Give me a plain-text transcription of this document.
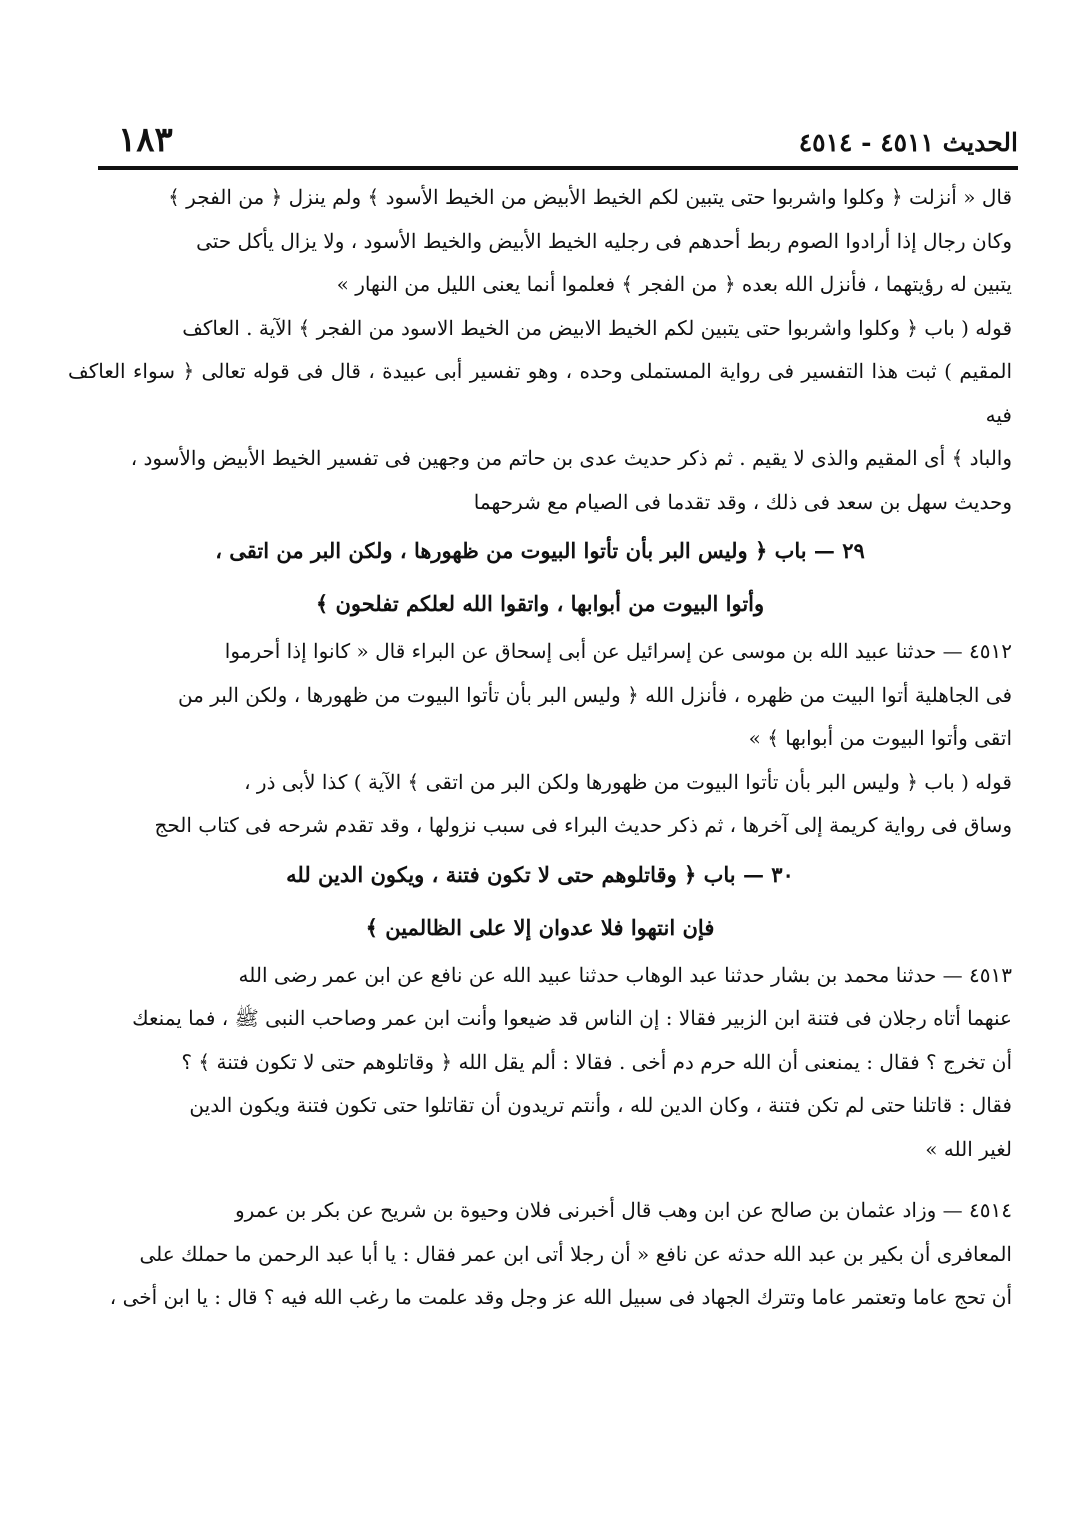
الحديث ٤٥١١ - ٤٥١٤
١٨٣

قال « أنزلت ﴿ وكلوا واشربوا حتى يتبين لكم الخيط الأبيض من الخيط الأسود ﴾ ولم ينزل ﴿ من الفجر ﴾

وكان رجال إذا أرادوا الصوم ربط أحدهم فى رجليه الخيط الأبيض والخيط الأسود ، ولا يزال يأكل حتى

يتبين له رؤيتهما ، فأنزل الله بعده ﴿ من الفجر ﴾ فعلموا أنما يعنى الليل من النهار »

قوله ( باب ﴿ وكلوا واشربوا حتى يتبين لكم الخيط الابيض من الخيط الاسود من الفجر ﴾ الآية . العاكف

المقيم ) ثبت هذا التفسير فى رواية المستملى وحده ، وهو تفسير أبى عبيدة ، قال فى قوله تعالى ﴿ سواء العاكف فيه

والباد ﴾ أى المقيم والذى لا يقيم . ثم ذكر حديث عدى بن حاتم من وجهين فى تفسير الخيط الأبيض والأسود ،

وحديث سهل بن سعد فى ذلك ، وقد تقدما فى الصيام مع شرحهما

٢٩ — باب ﴿ وليس البر بأن تأتوا البيوت من ظهورها ، ولكن البر من اتقى ،

وأتوا البيوت من أبوابها ، واتقوا الله لعلكم تفلحون ﴾

٤٥١٢ — حدثنا عبيد الله بن موسى عن إسرائيل عن أبى إسحاق عن البراء قال « كانوا إذا أحرموا

فى الجاهلية أتوا البيت من ظهره ، فأنزل الله ﴿ وليس البر بأن تأتوا البيوت من ظهورها ، ولكن البر من

اتقى وأتوا البيوت من أبوابها ﴾ »

قوله ( باب ﴿ وليس البر بأن تأتوا البيوت من ظهورها ولكن البر من اتقى ﴾ الآية ) كذا لأبى ذر ،

وساق فى رواية كريمة إلى آخرها ، ثم ذكر حديث البراء فى سبب نزولها ، وقد تقدم شرحه فى كتاب الحج

٣٠ — باب ﴿ وقاتلوهم حتى لا تكون فتنة ، ويكون الدين لله

فإن انتهوا فلا عدوان إلا على الظالمين ﴾

٤٥١٣ — حدثنا محمد بن بشار حدثنا عبد الوهاب حدثنا عبيد الله عن نافع عن ابن عمر رضى الله

عنهما أتاه رجلان فى فتنة ابن الزبير فقالا : إن الناس قد ضيعوا وأنت ابن عمر وصاحب النبى ﷺ ، فما يمنعك

أن تخرج ؟ فقال : يمنعنى أن الله حرم دم أخى . فقالا : ألم يقل الله ﴿ وقاتلوهم حتى لا تكون فتنة ﴾ ؟

فقال : قاتلنا حتى لم تكن فتنة ، وكان الدين لله ، وأنتم تريدون أن تقاتلوا حتى تكون فتنة ويكون الدين

لغير الله »

٤٥١٤ — وزاد عثمان بن صالح عن ابن وهب قال أخبرنى فلان وحيوة بن شريح عن بكر بن عمرو

المعافرى أن بكير بن عبد الله حدثه عن نافع « أن رجلا أتى ابن عمر فقال : يا أبا عبد الرحمن ما حملك على

أن تحج عاما وتعتمر عاما وتترك الجهاد فى سبيل الله عز وجل وقد علمت ما رغب الله فيه ؟ قال : يا ابن أخى ،
